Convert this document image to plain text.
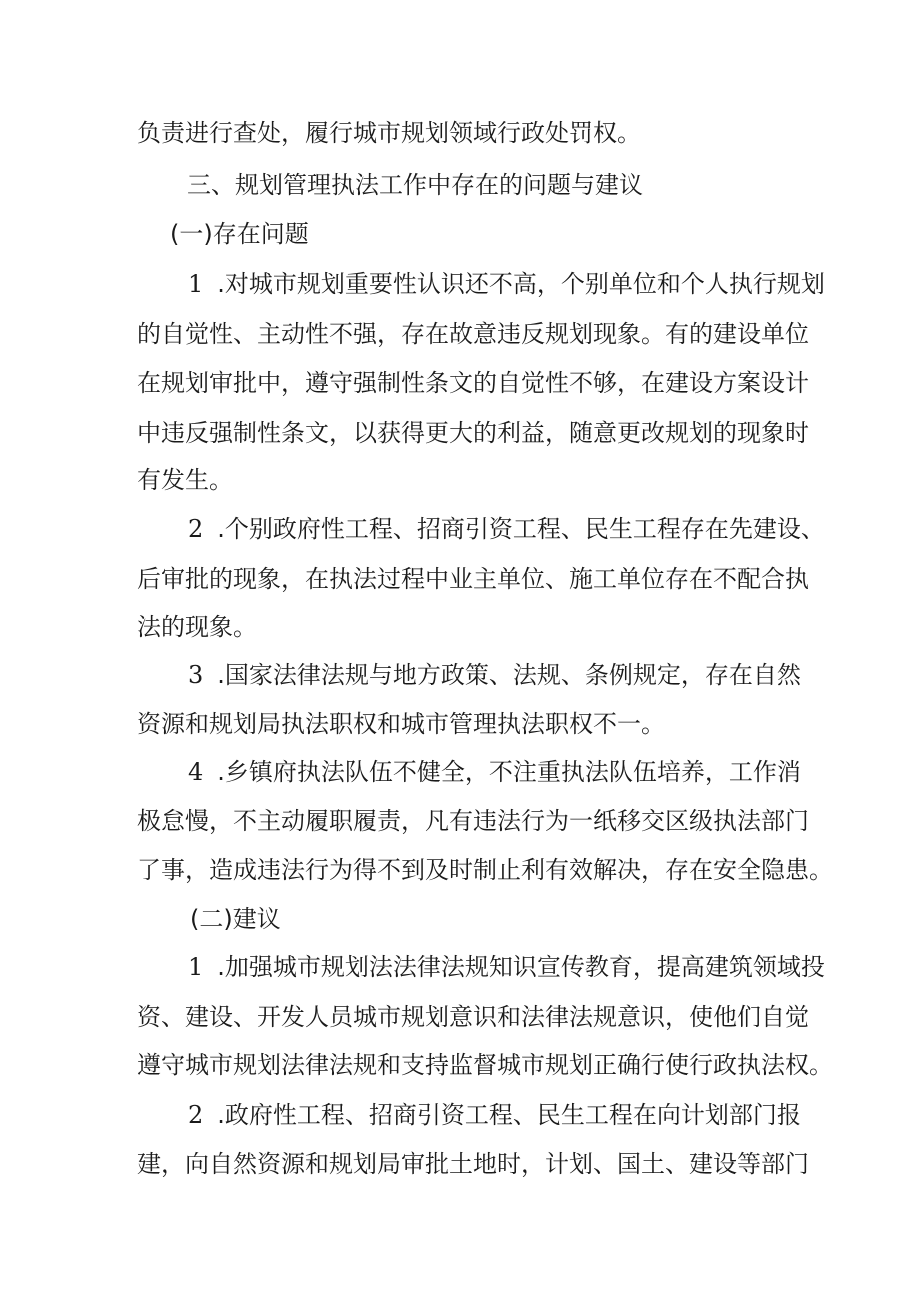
负责进行查处，履行城市规划领域行政处罚权。
三、规划管理执法工作中存在的问题与建议
(一)存在问题
1 .对城市规划重要性认识还不高，个别单位和个人执行规划
的自觉性、主动性不强，存在故意违反规划现象。有的建设单位
在规划审批中，遵守强制性条文的自觉性不够，在建设方案设计
中违反强制性条文，以获得更大的利益，随意更改规划的现象时
有发生。
2 .个别政府性工程、招商引资工程、民生工程存在先建设、
后审批的现象，在执法过程中业主单位、施工单位存在不配合执
法的现象。
3 .国家法律法规与地方政策、法规、条例规定，存在自然
资源和规划局执法职权和城市管理执法职权不一。
4 .乡镇府执法队伍不健全，不注重执法队伍培养，工作消
极怠慢，不主动履职履责，凡有违法行为一纸移交区级执法部门
了事，造成违法行为得不到及时制止利有效解决，存在安全隐患。
(二)建议
1 .加强城市规划法法律法规知识宣传教育，提高建筑领域投
资、建设、开发人员城市规划意识和法律法规意识，使他们自觉
遵守城市规划法律法规和支持监督城市规划正确行使行政执法权。
2 .政府性工程、招商引资工程、民生工程在向计划部门报
建，向自然资源和规划局审批土地时，计划、国土、建设等部门
